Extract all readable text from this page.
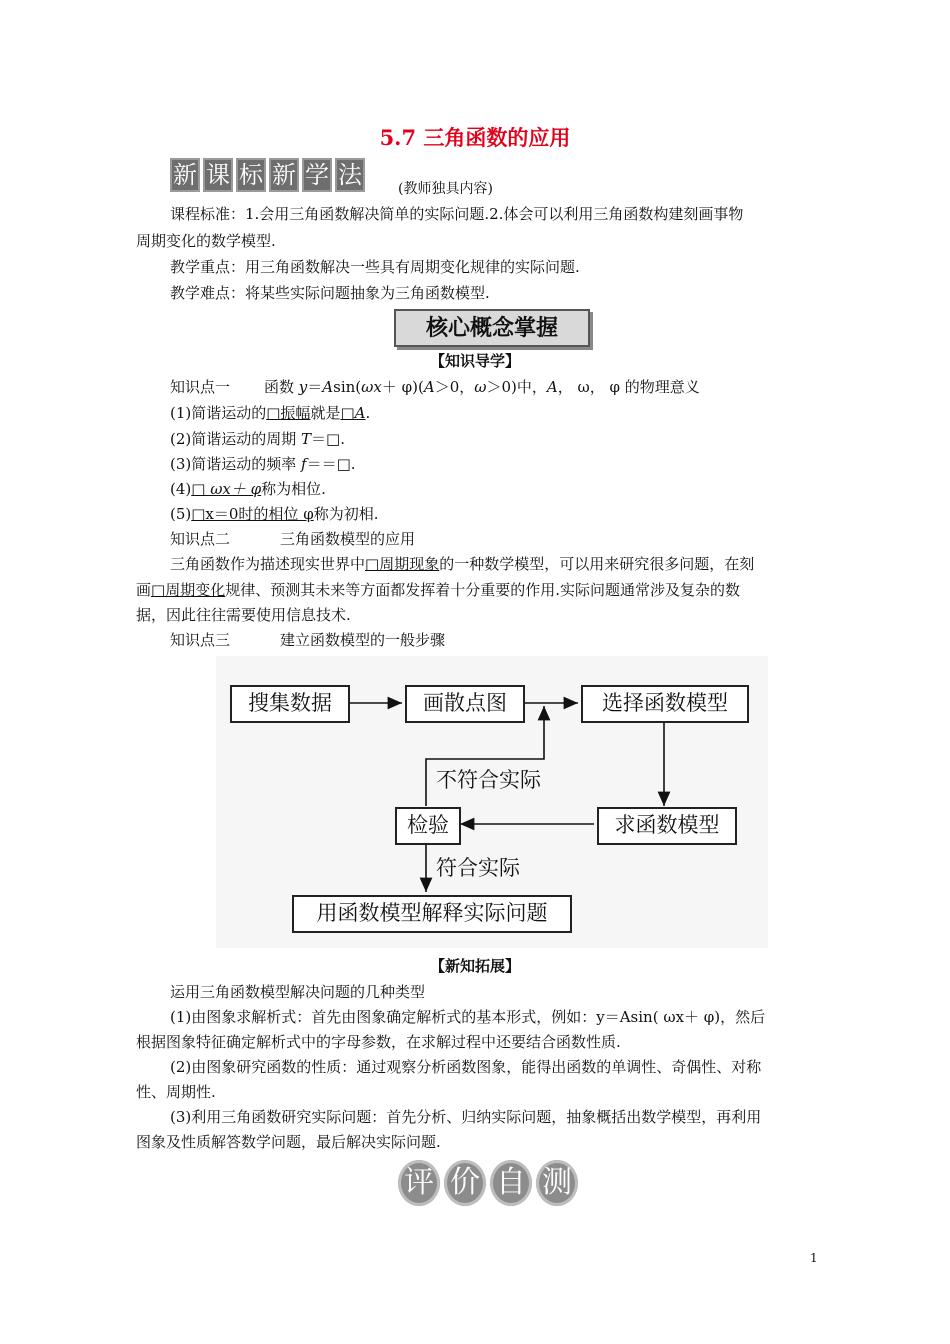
5.7 三角函数的应用
新 课 标 新 学 法	(教师独具内容)
课程标准：1.会用三角函数解决简单的实际问题.2.体会可以利用三角函数构建刻画事物
周期变化的数学模型.
教学重点：用三角函数解决一些具有周期变化规律的实际问题.
教学难点：将某些实际问题抽象为三角函数模型.
核心概念掌握
【知识导学】
知识点一 函数 y＝Asin(ωx＋ φ)(A＞0，ω＞0)中，A， ω， φ 的物理意义
(1)简谐运动的□振幅就是□A.
(2)简谐运动的周期 T＝□.
(3)简谐运动的频率 f＝＝□.
(4)□ ωx＋ φ称为相位.
(5)□x＝0时的相位 φ称为初相.
知识点二	三角函数模型的应用
三角函数作为描述现实世界中□周期现象的一种数学模型，可以用来研究很多问题，在刻
画□周期变化规律、预测其未来等方面都发挥着十分重要的作用.实际问题通常涉及复杂的数
据，因此往往需要使用信息技术.
知识点三	建立函数模型的一般步骤
搜集数据	画散点图	选择函数模型
求函数模型
检验
用函数模型解释实际问题
不符合实际
符合实际
【新知拓展】
运用三角函数模型解决问题的几种类型
(1)由图象求解析式：首先由图象确定解析式的基本形式，例如：y＝Asin( ωx＋ φ)，然后
根据图象特征确定解析式中的字母参数，在求解过程中还要结合函数性质.
(2)由图象研究函数的性质：通过观察分析函数图象，能得出函数的单调性、奇偶性、对称
性、周期性.
(3)利用三角函数研究实际问题：首先分析、归纳实际问题，抽象概括出数学模型，再利用
图象及性质解答数学问题，最后解决实际问题.
评 价 自 测
1
